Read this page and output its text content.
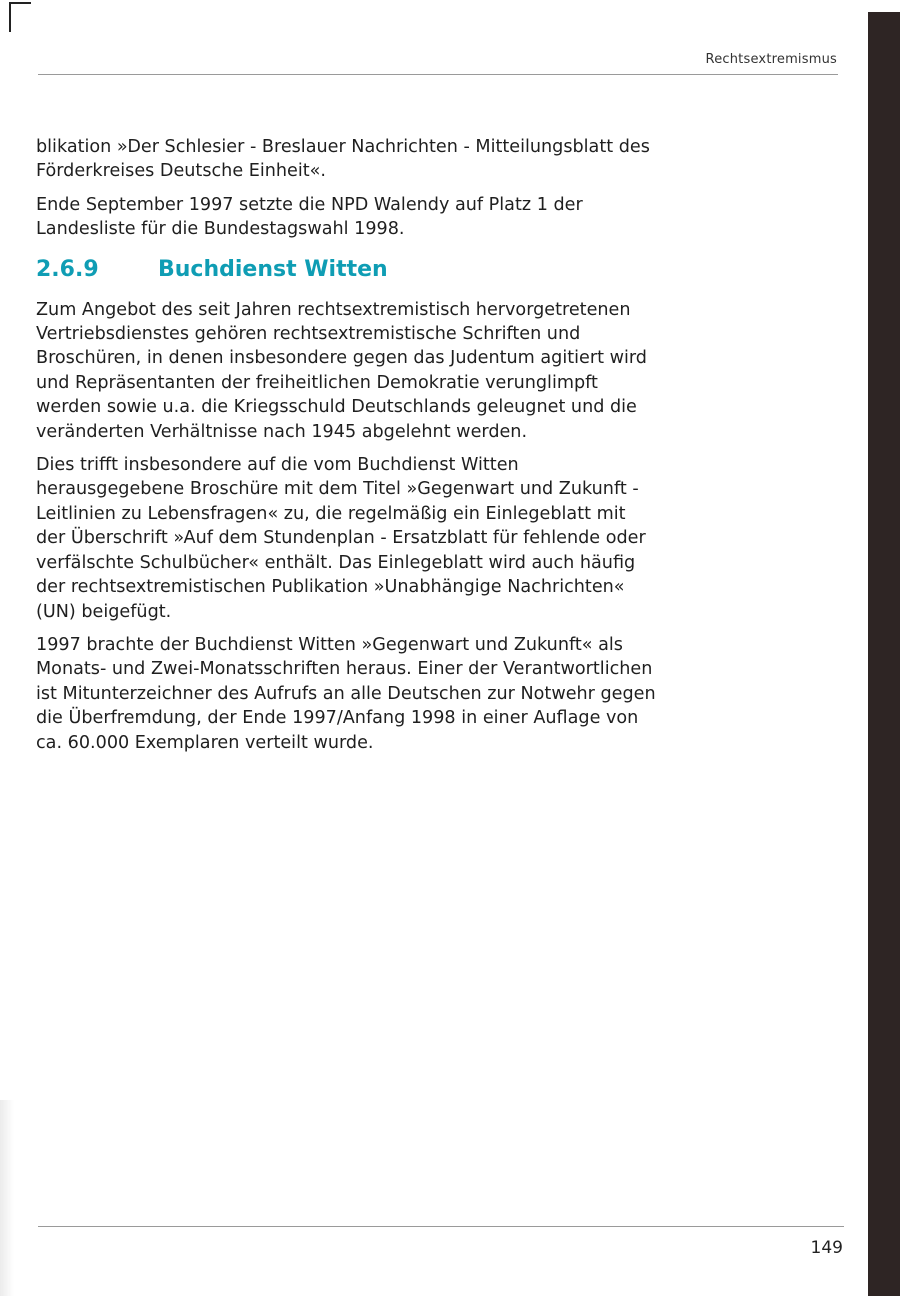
Rechtsextremismus

blikation »Der Schlesier - Breslauer Nachrichten - Mitteilungsblatt des Förderkreises Deutsche Einheit«.

Ende September 1997 setzte die NPD Walendy auf Platz 1 der Landesliste für die Bundestagswahl 1998.

2.6.9	Buchdienst Witten

Zum Angebot des seit Jahren rechtsextremistisch hervorgetretenen Vertriebsdienstes gehören rechtsextremistische Schriften und Broschüren, in denen insbesondere gegen das Judentum agitiert wird und Repräsentanten der freiheitlichen Demokratie verunglimpft werden sowie u.a. die Kriegsschuld Deutschlands geleugnet und die veränderten Verhältnisse nach 1945 abgelehnt werden.

Dies trifft insbesondere auf die vom Buchdienst Witten herausgegebene Broschüre mit dem Titel »Gegenwart und Zukunft - Leitlinien zu Lebensfragen« zu, die regelmäßig ein Einlegeblatt mit der Überschrift »Auf dem Stundenplan - Ersatzblatt für fehlende oder verfälschte Schulbücher« enthält. Das Einlegeblatt wird auch häufig der rechtsextremistischen Publikation »Unabhängige Nachrichten« (UN) beigefügt.

1997 brachte der Buchdienst Witten »Gegenwart und Zukunft« als Monats- und Zwei-Monatsschriften heraus. Einer der Verantwortlichen ist Mitunterzeichner des Aufrufs an alle Deutschen zur Notwehr gegen die Überfremdung, der Ende 1997/Anfang 1998 in einer Auflage von ca. 60.000 Exemplaren verteilt wurde.

149
